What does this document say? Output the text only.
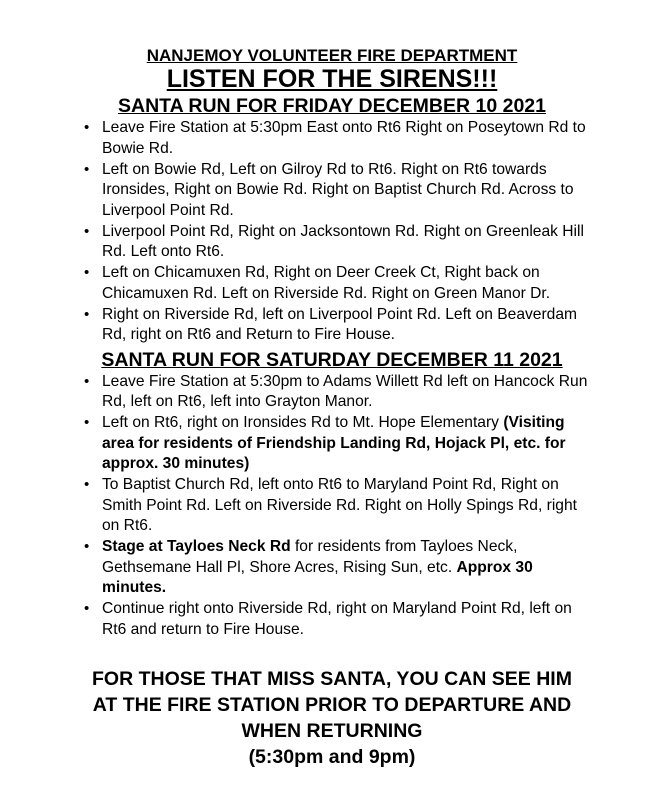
NANJEMOY VOLUNTEER FIRE DEPARTMENT
LISTEN FOR THE SIRENS!!!
SANTA RUN FOR FRIDAY DECEMBER 10 2021
• Leave Fire Station at 5:30pm East onto Rt6 Right on Poseytown Rd to Bowie Rd.
• Left on Bowie Rd, Left on Gilroy Rd to Rt6. Right on Rt6 towards Ironsides, Right on Bowie Rd. Right on Baptist Church Rd. Across to Liverpool Point Rd.
• Liverpool Point Rd, Right on Jacksontown Rd. Right on Greenleak Hill Rd. Left onto Rt6.
• Left on Chicamuxen Rd, Right on Deer Creek Ct, Right back on Chicamuxen Rd. Left on Riverside Rd. Right on Green Manor Dr.
• Right on Riverside Rd, left on Liverpool Point Rd. Left on Beaverdam Rd, right on Rt6 and Return to Fire House.
SANTA RUN FOR SATURDAY DECEMBER 11 2021
• Leave Fire Station at 5:30pm to Adams Willett Rd left on Hancock Run Rd, left on Rt6, left into Grayton Manor.
• Left on Rt6, right on Ironsides Rd to Mt. Hope Elementary (Visiting area for residents of Friendship Landing Rd, Hojack Pl, etc. for approx. 30 minutes)
• To Baptist Church Rd, left onto Rt6 to Maryland Point Rd, Right on Smith Point Rd. Left on Riverside Rd. Right on Holly Spings Rd, right on Rt6.
• Stage at Tayloes Neck Rd for residents from Tayloes Neck, Gethsemane Hall Pl, Shore Acres, Rising Sun, etc. Approx 30 minutes.
• Continue right onto Riverside Rd, right on Maryland Point Rd, left on Rt6 and return to Fire House.
FOR THOSE THAT MISS SANTA, YOU CAN SEE HIM
AT THE FIRE STATION PRIOR TO DEPARTURE AND
WHEN RETURNING
(5:30pm and 9pm)
